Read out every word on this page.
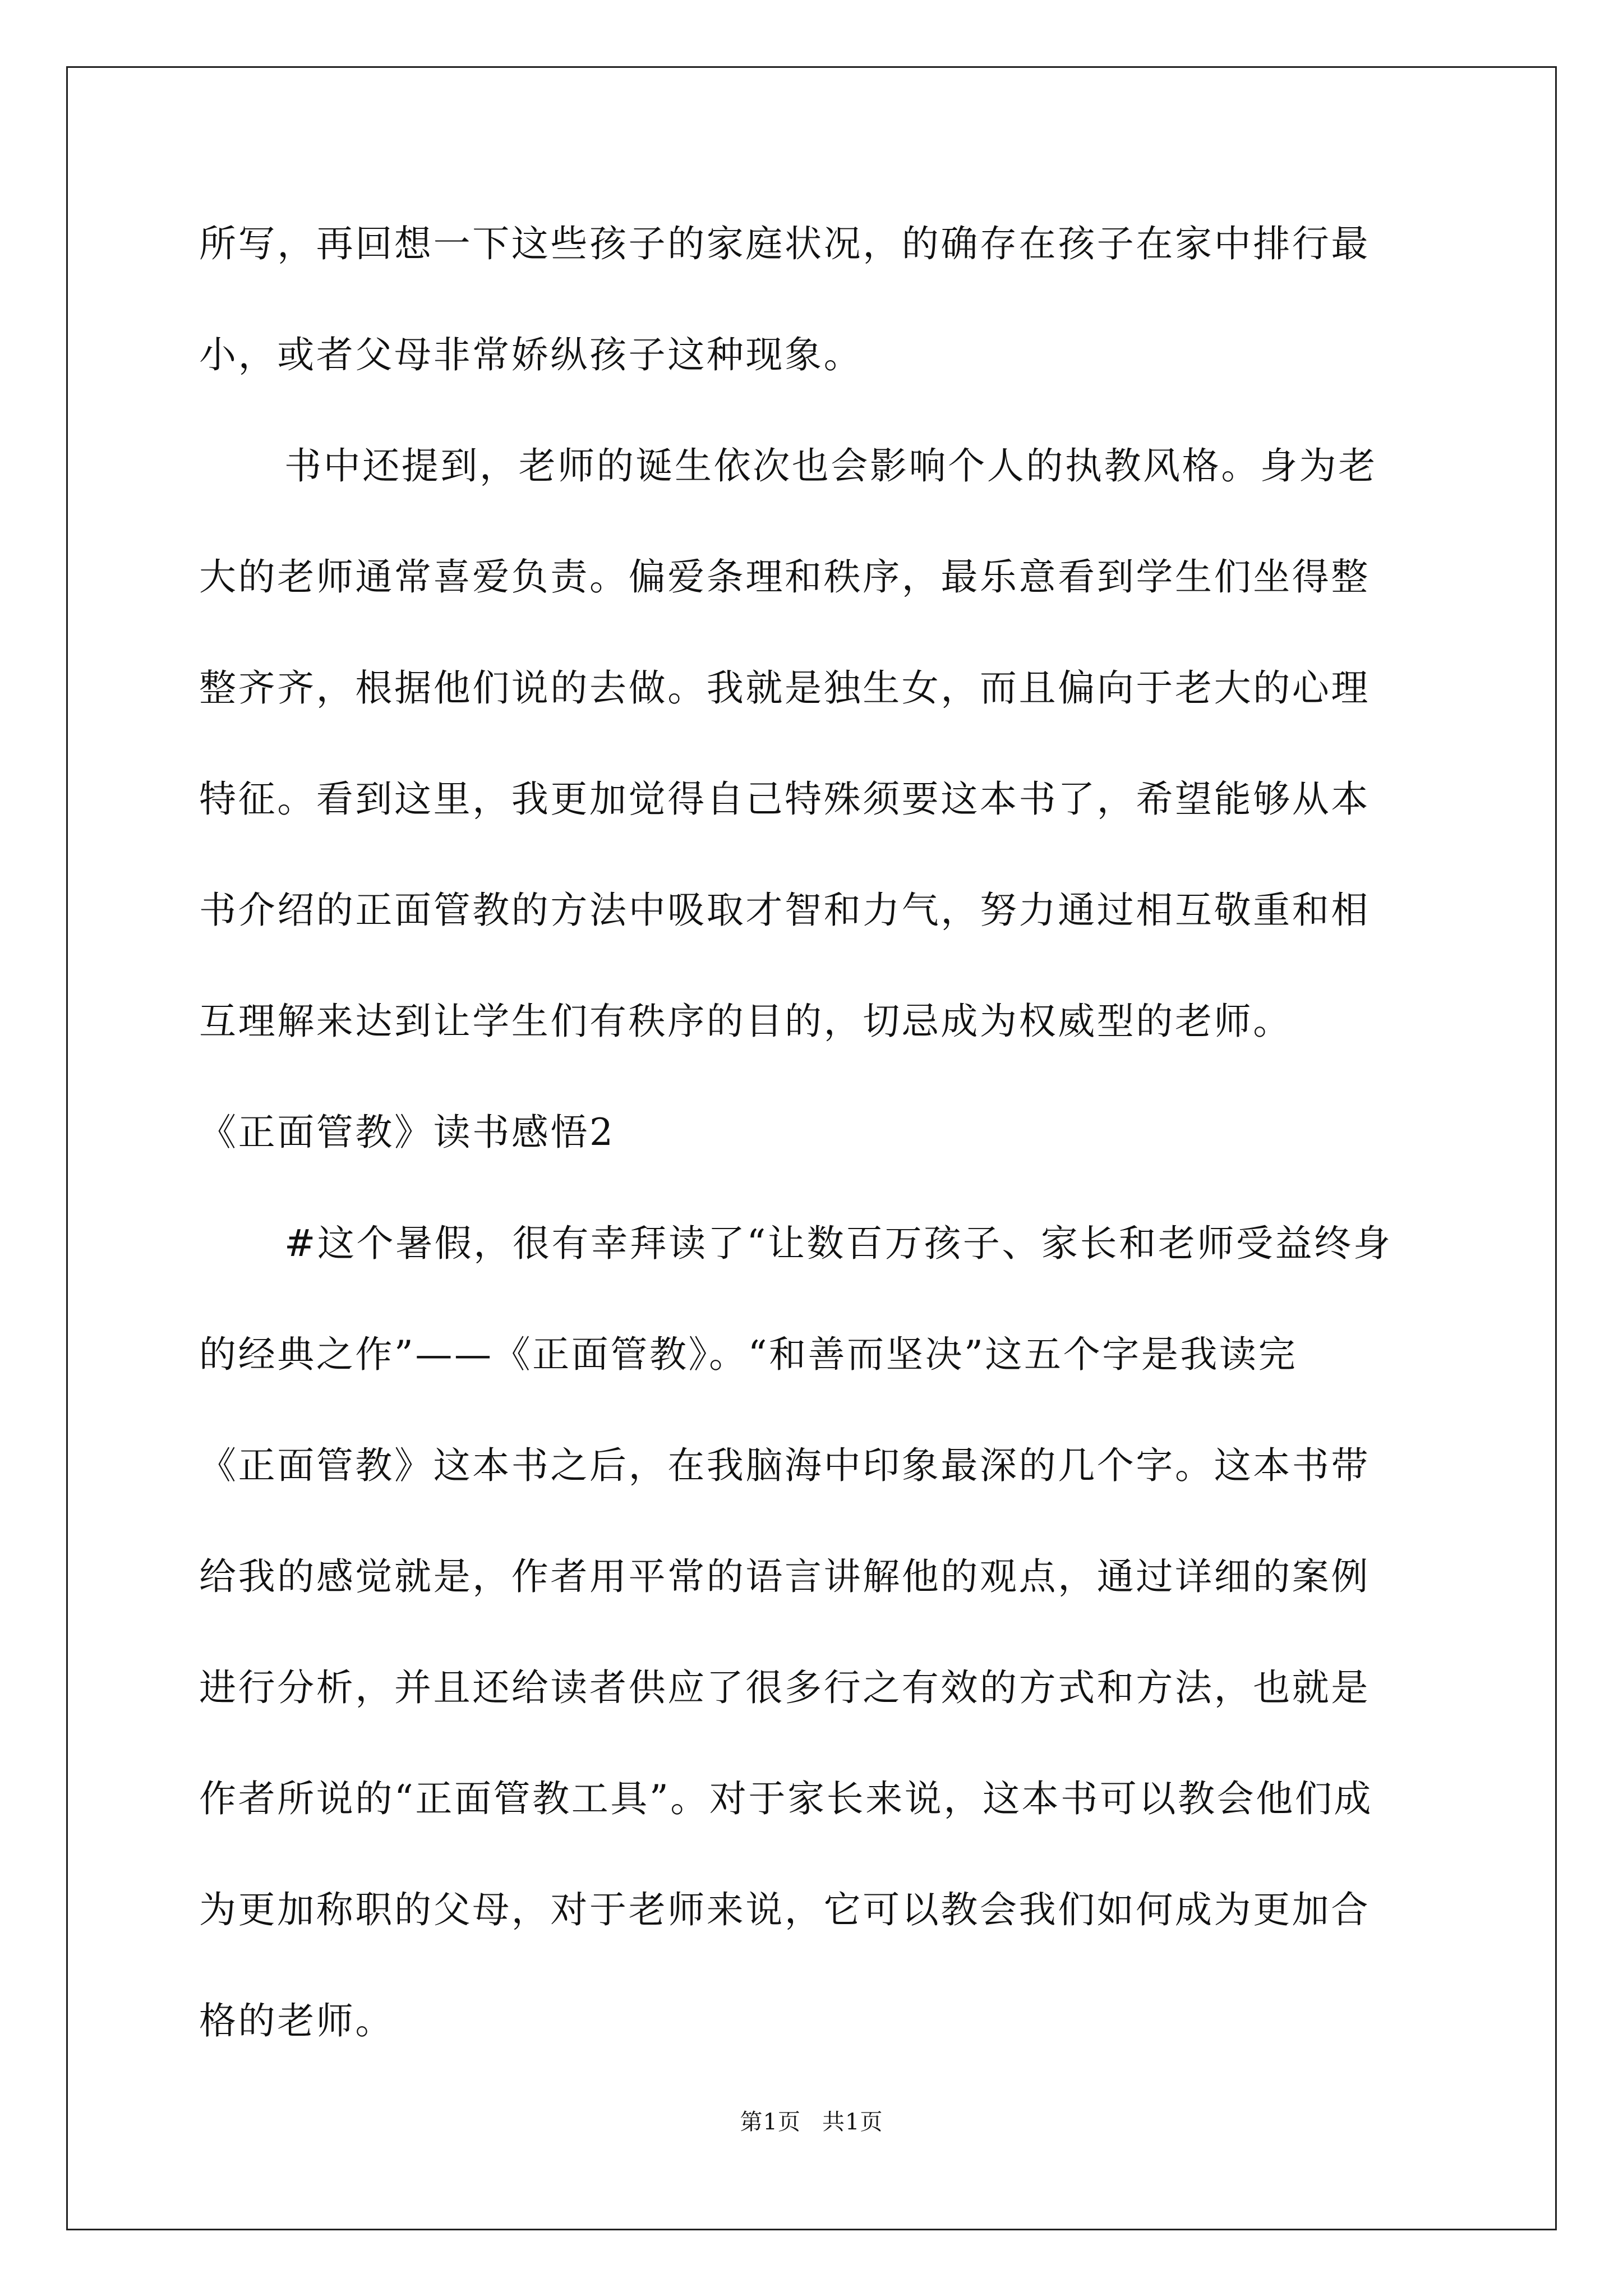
所写，再回想一下这些孩子的家庭状况，的确存在孩子在家中排行最

小，或者父母非常娇纵孩子这种现象。

书中还提到，老师的诞生依次也会影响个人的执教风格。身为老

大的老师通常喜爱负责。偏爱条理和秩序，最乐意看到学生们坐得整

整齐齐，根据他们说的去做。我就是独生女，而且偏向于老大的心理

特征。看到这里，我更加觉得自己特殊须要这本书了，希望能够从本

书介绍的正面管教的方法中吸取才智和力气，努力通过相互敬重和相

互理解来达到让学生们有秩序的目的，切忌成为权威型的老师。

《正面管教》读书感悟2

#这个暑假，很有幸拜读了“让数百万孩子、家长和老师受益终身

的经典之作”——《正面管教》。“和善而坚决”这五个字是我读完

《正面管教》这本书之后，在我脑海中印象最深的几个字。这本书带

给我的感觉就是，作者用平常的语言讲解他的观点，通过详细的案例

进行分析，并且还给读者供应了很多行之有效的方式和方法，也就是

作者所说的“正面管教工具”。对于家长来说，这本书可以教会他们成

为更加称职的父母，对于老师来说，它可以教会我们如何成为更加合

格的老师。

第1页 共1页
